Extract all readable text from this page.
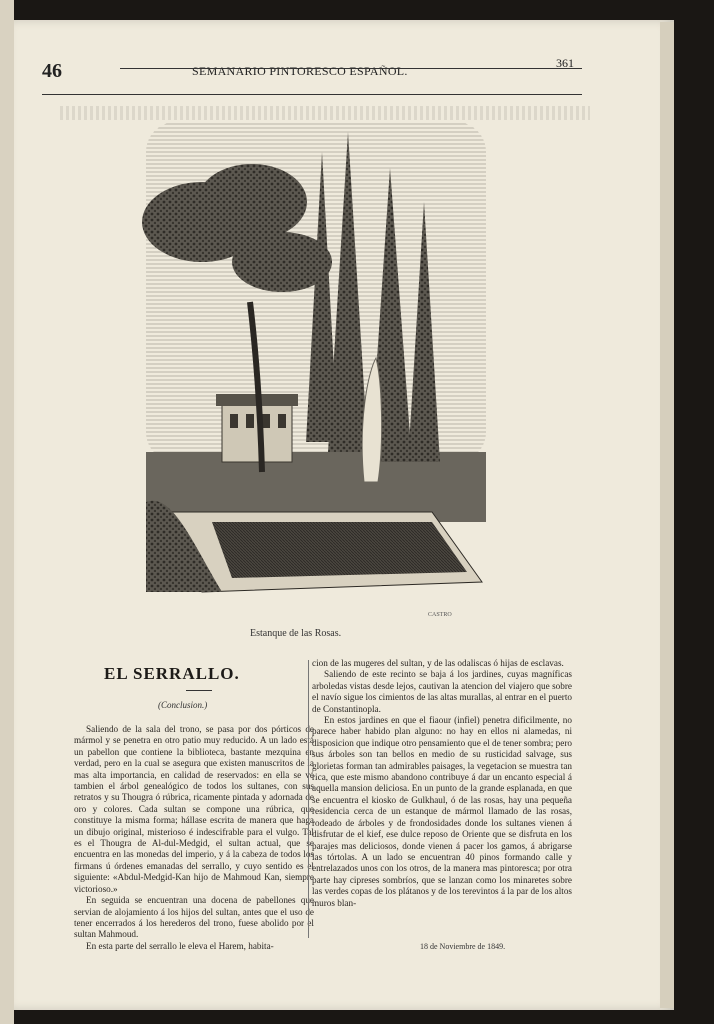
46	SEMANARIO PINTORESCO ESPAÑOL.
361
CASTRO
Estanque de las Rosas.
EL SERRALLO.
(Conclusion.)

Saliendo de la sala del trono, se pasa por dos pórticos de mármol y se penetra en otro patio muy reducido. A un lado está un pabellon que contiene la biblioteca, bastante mezquina en verdad, pero en la cual se asegura que existen manuscritos de la mas alta importancia, en calidad de reservados: en ella se vé tambien el árbol genealógico de todos los sultanes, con sus retratos y su Thougra ó rúbrica, ricamente pintada y adornada de oro y colores. Cada sultan se compone una rúbrica, que constituye la misma forma; hállase escrita de manera que haga un dibujo original, misterioso é indescifrable para el vulgo. Tal es el Thougra de Al-dul-Medgid, el sultan actual, que se encuentra en las monedas del imperio, y á la cabeza de todos los firmans ú órdenes emanadas del serrallo, y cuyo sentido es el siguiente: «Abdul-Medgid-Kan hijo de Mahmoud Kan, siempre victorioso.»

En seguida se encuentran una docena de pabellones que servian de alojamiento á los hijos del sultan, antes que el uso de tener encerrados á los herederos del trono, fuese abolido por el sultan Mahmoud.

En esta parte del serrallo le eleva el Harem, habita-

cion de las mugeres del sultan, y de las odaliscas ó hijas de esclavas.

Saliendo de este recinto se baja á los jardines, cuyas magníficas arboledas vistas desde lejos, cautivan la atencion del viajero que sobre el navío sigue los cimientos de las altas murallas, al entrar en el puerto de Constantinopla.

En estos jardines en que el fiaour (infiel) penetra dificilmente, no parece haber habido plan alguno: no hay en ellos ni alamedas, ni disposicion que indique otro pensamiento que el de tener sombra; pero sus árboles son tan bellos en medio de su rusticidad salvage, sus glorietas forman tan admirables paisages, la vegetacion se muestra tan rica, que este mismo abandono contribuye á dar un encanto especial á aquella mansion deliciosa. En un punto de la grande esplanada, en que se encuentra el kiosko de Gulkhaul, ó de las rosas, hay una pequeña residencia cerca de un estanque de mármol llamado de las rosas, rodeado de árboles y de frondosidades donde los sultanes vienen á disfrutar de el kief, ese dulce reposo de Oriente que se disfruta en los parajes mas deliciosos, donde vienen á pacer los gamos, á abrigarse las tórtolas. A un lado se encuentran 40 pinos formando calle y entrelazados unos con los otros, de la manera mas pintoresca; por otra parte hay cipreses sombríos, que se lanzan como los minaretes sobre las verdes copas de los plátanos y de los terevintos á la par de los altos muros blan-

18 de Noviembre de 1849.
